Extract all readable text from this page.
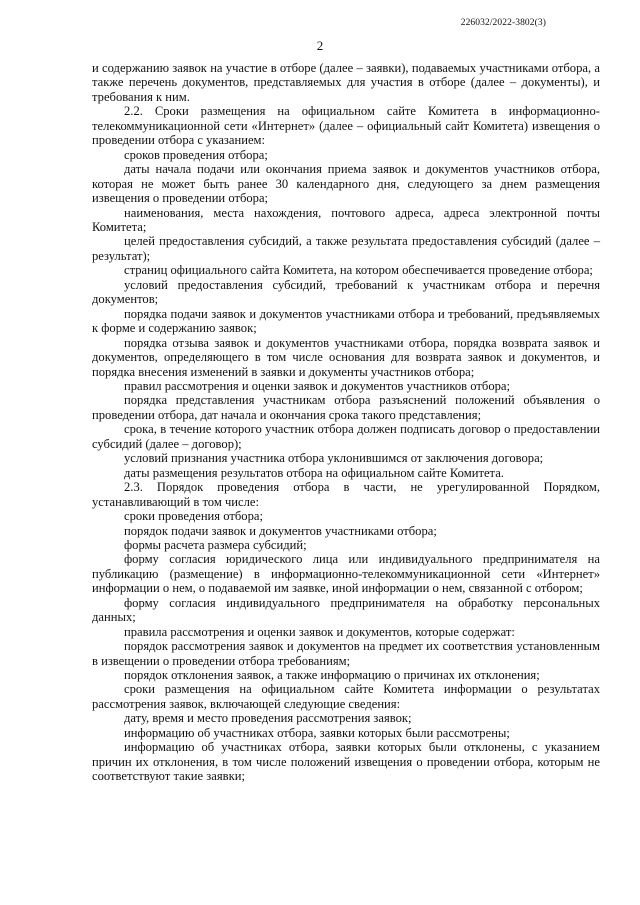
226032/2022-3802(3)
2

и содержанию заявок на участие в отборе (далее – заявки), подаваемых участниками отбора, а также перечень документов, представляемых для участия в отборе (далее – документы), и требования к ним.

2.2. Сроки размещения на официальном сайте Комитета в информационно-телекоммуникационной сети «Интернет» (далее – официальный сайт Комитета) извещения о проведении отбора с указанием:

сроков проведения отбора;

даты начала подачи или окончания приема заявок и документов участников отбора, которая не может быть ранее 30 календарного дня, следующего за днем размещения извещения о проведении отбора;

наименования, места нахождения, почтового адреса, адреса электронной почты Комитета;

целей предоставления субсидий, а также результата предоставления субсидий (далее – результат);

страниц официального сайта Комитета, на котором обеспечивается проведение отбора;

условий предоставления субсидий, требований к участникам отбора и перечня документов;

порядка подачи заявок и документов участниками отбора и требований, предъявляемых к форме и содержанию заявок;

порядка отзыва заявок и документов участниками отбора, порядка возврата заявок и документов, определяющего в том числе основания для возврата заявок и документов, и порядка внесения изменений в заявки и документы участников отбора;

правил рассмотрения и оценки заявок и документов участников отбора;

порядка представления участникам отбора разъяснений положений объявления о проведении отбора, дат начала и окончания срока такого представления;

срока, в течение которого участник отбора должен подписать договор о предоставлении субсидий (далее – договор);

условий признания участника отбора уклонившимся от заключения договора;

даты размещения результатов отбора на официальном сайте Комитета.

2.3. Порядок проведения отбора в части, не урегулированной Порядком, устанавливающий в том числе:

сроки проведения отбора;

порядок подачи заявок и документов участниками отбора;

формы расчета размера субсидий;

форму согласия юридического лица или индивидуального предпринимателя на публикацию (размещение) в информационно-телекоммуникационной сети «Интернет» информации о нем, о подаваемой им заявке, иной информации о нем, связанной с отбором;

форму согласия индивидуального предпринимателя на обработку персональных данных;

правила рассмотрения и оценки заявок и документов, которые содержат:

порядок рассмотрения заявок и документов на предмет их соответствия установленным в извещении о проведении отбора требованиям;

порядок отклонения заявок, а также информацию о причинах их отклонения;

сроки размещения на официальном сайте Комитета информации о результатах рассмотрения заявок, включающей следующие сведения:

дату, время и место проведения рассмотрения заявок;

информацию об участниках отбора, заявки которых были рассмотрены;

информацию об участниках отбора, заявки которых были отклонены, с указанием причин их отклонения, в том числе положений извещения о проведении отбора, которым не соответствуют такие заявки;
